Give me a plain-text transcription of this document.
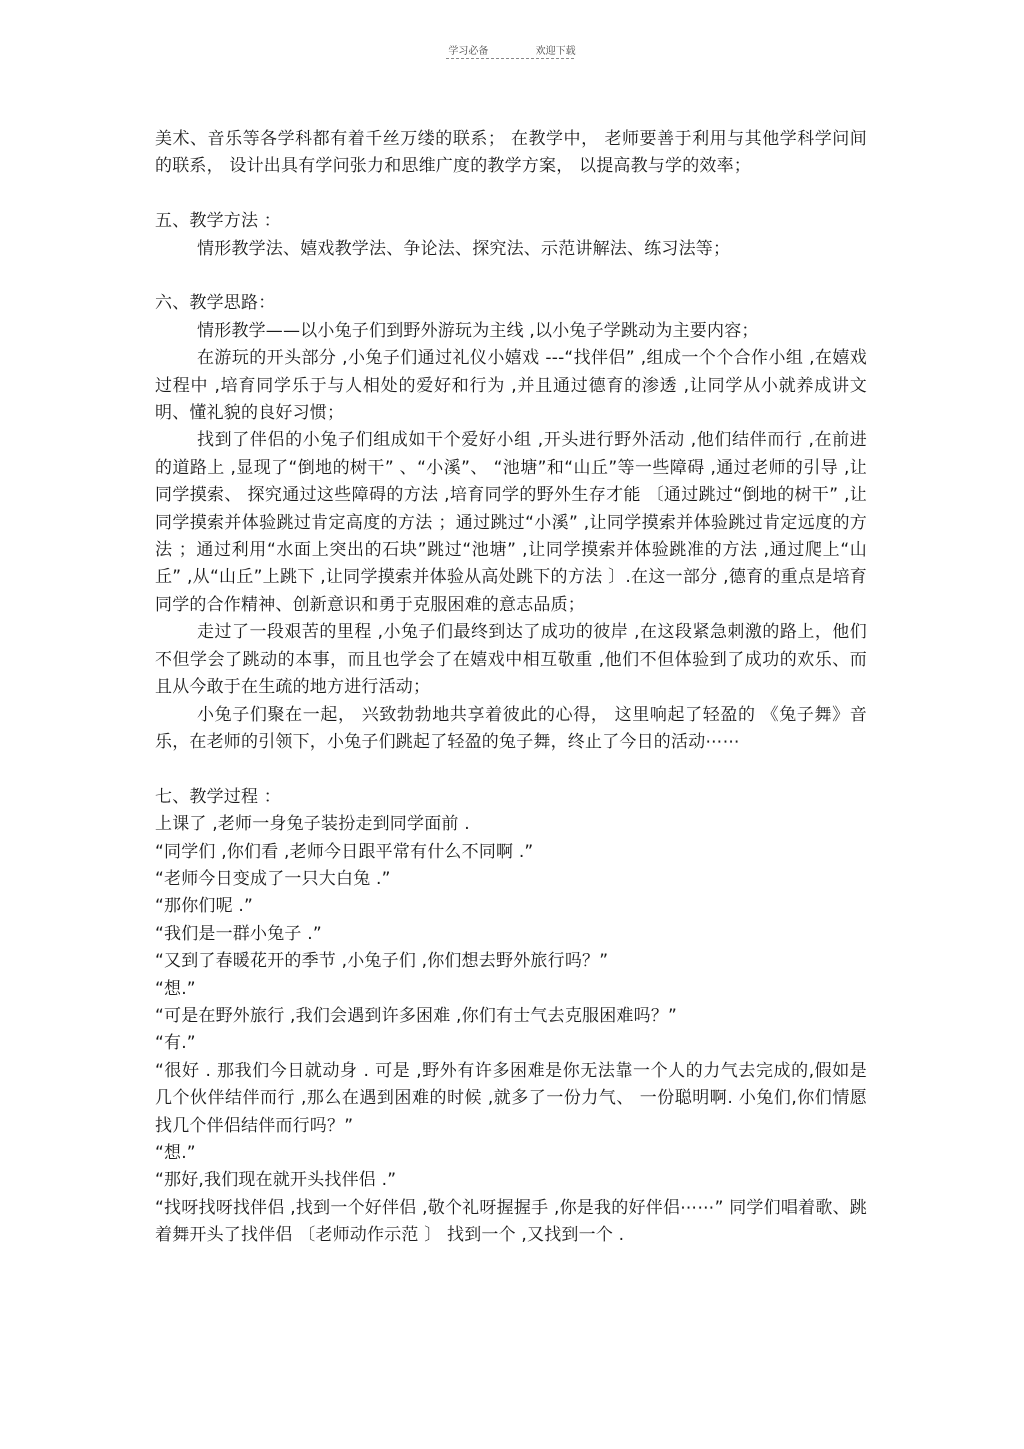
学习必备	欢迎下载

美术、音乐等各学科都有着千丝万缕的联系； 在教学中， 老师要善于利用与其他学科学问间的联系， 设计出具有学问张力和思维广度的教学方案， 以提高教与学的效率；

五、教学方法 ：

情形教学法、嬉戏教学法、争论法、探究法、示范讲解法、练习法等；

六、教学思路：

情形教学——以小兔子们到野外游玩为主线 ,以小兔子学跳动为主要内容；

在游玩的开头部分 ,小兔子们通过礼仪小嬉戏 ---“找伴侣” ,组成一个个合作小组 ,在嬉戏过程中 ,培育同学乐于与人相处的爱好和行为 ,并且通过德育的渗透 ,让同学从小就养成讲文明、懂礼貌的良好习惯；

找到了伴侣的小兔子们组成如干个爱好小组 ,开头进行野外活动 ,他们结伴而行 ,在前进的道路上 ,显现了“倒地的树干” 、“小溪”、 “池塘”和“山丘”等一些障碍 ,通过老师的引导 ,让同学摸索、 探究通过这些障碍的方法 ,培育同学的野外生存才能 〔通过跳过“倒地的树干” ,让同学摸索并体验跳过肯定高度的方法 ；通过跳过“小溪” ,让同学摸索并体验跳过肯定远度的方法 ；通过利用“水面上突出的石块”跳过“池塘” ,让同学摸索并体验跳准的方法 ,通过爬上“山丘” ,从“山丘”上跳下 ,让同学摸索并体验从高处跳下的方法 〕.在这一部分 ,德育的重点是培育同学的合作精神、创新意识和勇于克服困难的意志品质；

走过了一段艰苦的里程 ,小兔子们最终到达了成功的彼岸 ,在这段紧急刺激的路上，他们不但学会了跳动的本事，而且也学会了在嬉戏中相互敬重 ,他们不但体验到了成功的欢乐、而且从今敢于在生疏的地方进行活动；

小兔子们聚在一起， 兴致勃勃地共享着彼此的心得， 这里响起了轻盈的 《兔子舞》音乐，在老师的引领下，小兔子们跳起了轻盈的兔子舞，终止了今日的活动⋯⋯

七、教学过程 ：

上课了 ,老师一身兔子装扮走到同学面前 .

“同学们 ,你们看 ,老师今日跟平常有什么不同啊 .”

“老师今日变成了一只大白兔 .”

“那你们呢 .”

“我们是一群小兔子 .”

“又到了春暖花开的季节 ,小兔子们 ,你们想去野外旅行吗？”

“想.”

“可是在野外旅行 ,我们会遇到许多困难 ,你们有士气去克服困难吗？”

“有.”

“很好 . 那我们今日就动身 . 可是 ,野外有许多困难是你无法靠一个人的力气去完成的,假如是几个伙伴结伴而行 ,那么在遇到困难的时候 ,就多了一份力气、 一份聪明啊. 小兔们,你们情愿找几个伴侣结伴而行吗？”

“想.”

“那好,我们现在就开头找伴侣 .”

“找呀找呀找伴侣 ,找到一个好伴侣 ,敬个礼呀握握手 ,你是我的好伴侣⋯⋯” 同学们唱着歌、跳着舞开头了找伴侣 〔老师动作示范 〕 找到一个 ,又找到一个 .
